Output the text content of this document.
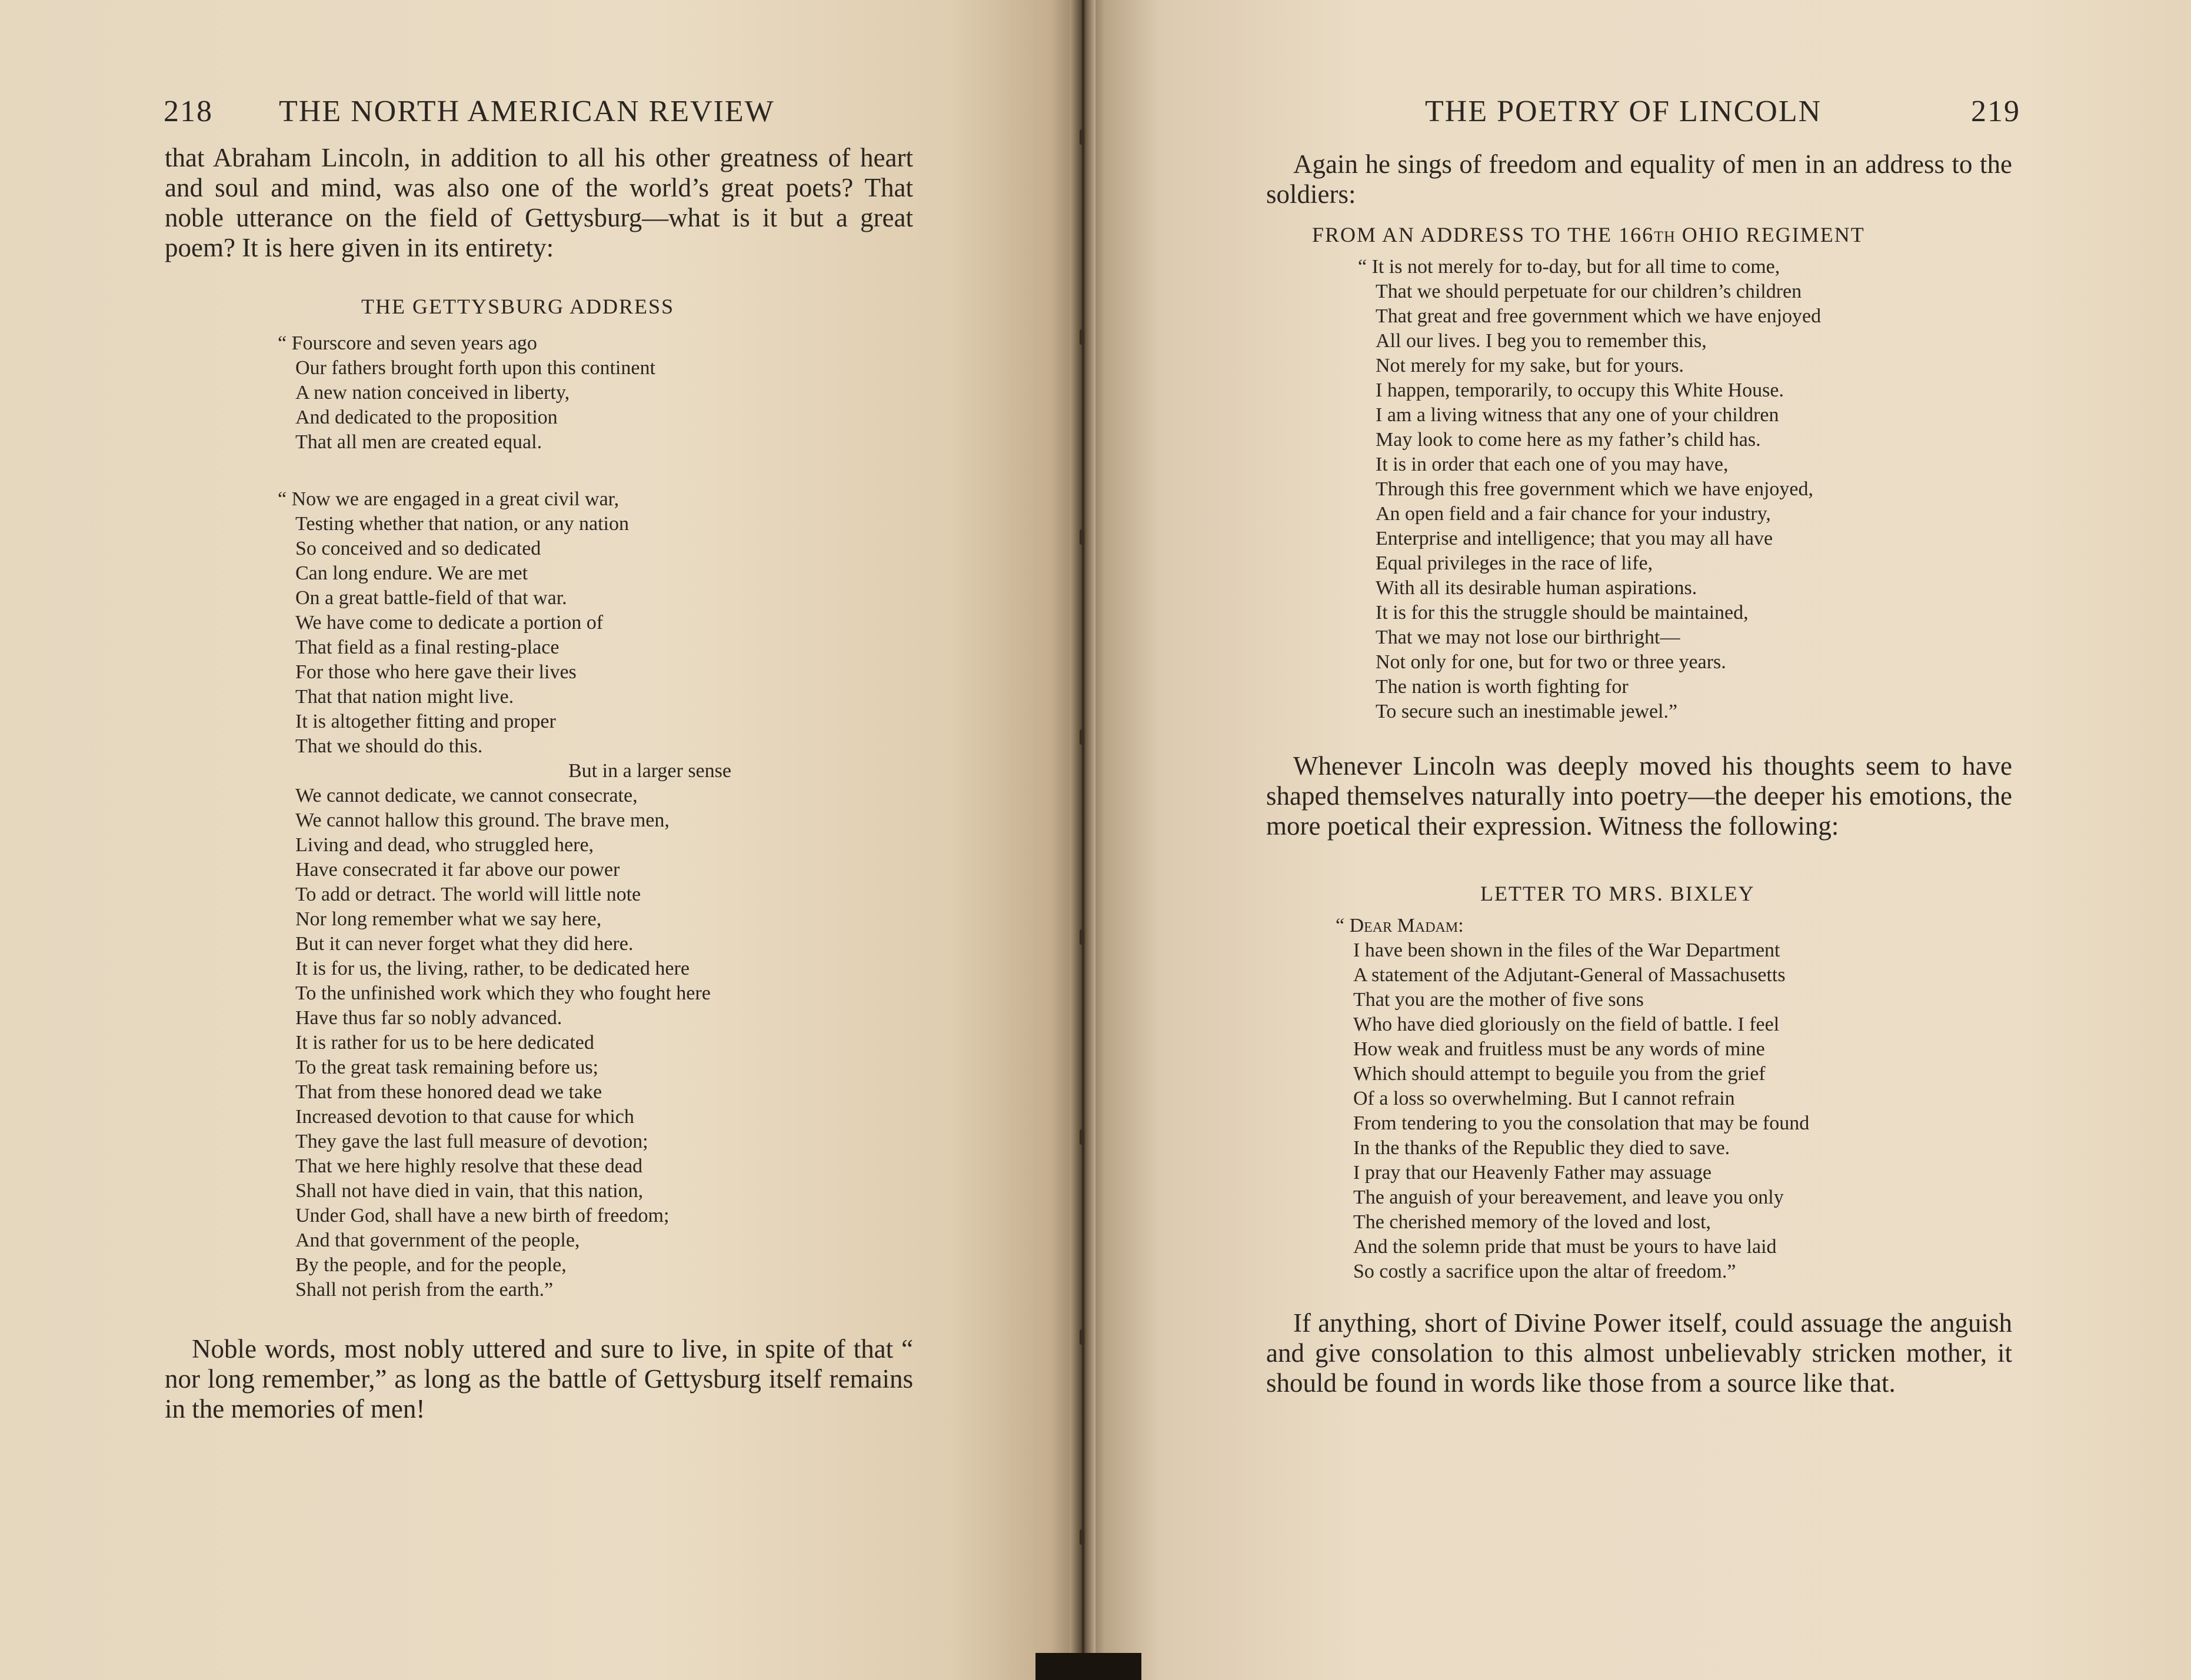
218 THE NORTH AMERICAN REVIEW

that Abraham Lincoln, in addition to all his other greatness of heart and soul and mind, was also one of the world’s great poets? That noble utterance on the field of Gettysburg—what is it but a great poem? It is here given in its entirety:

THE GETTYSBURG ADDRESS
“ Fourscore and seven years ago
Our fathers brought forth upon this continent
A new nation conceived in liberty,
And dedicated to the proposition
That all men are created equal.
“ Now we are engaged in a great civil war,
Testing whether that nation, or any nation
So conceived and so dedicated
Can long endure. We are met
On a great battle-field of that war.
We have come to dedicate a portion of
That field as a final resting-place
For those who here gave their lives
That that nation might live.
It is altogether fitting and proper
That we should do this.
But in a larger sense
We cannot dedicate, we cannot consecrate,
We cannot hallow this ground. The brave men,
Living and dead, who struggled here,
Have consecrated it far above our power
To add or detract. The world will little note
Nor long remember what we say here,
But it can never forget what they did here.
It is for us, the living, rather, to be dedicated here
To the unfinished work which they who fought here
Have thus far so nobly advanced.
It is rather for us to be here dedicated
To the great task remaining before us;
That from these honored dead we take
Increased devotion to that cause for which
They gave the last full measure of devotion;
That we here highly resolve that these dead
Shall not have died in vain, that this nation,
Under God, shall have a new birth of freedom;
And that government of the people,
By the people, and for the people,
Shall not perish from the earth.”

Noble words, most nobly uttered and sure to live, in spite of that “ nor long remember,” as long as the battle of Gettysburg itself remains in the memories of men!

THE POETRY OF LINCOLN	219

Again he sings of freedom and equality of men in an address to the soldiers:

FROM AN ADDRESS TO THE 166TH OHIO REGIMENT
“ It is not merely for to-day, but for all time to come,
That we should perpetuate for our children’s children
That great and free government which we have enjoyed
All our lives. I beg you to remember this,
Not merely for my sake, but for yours.
I happen, temporarily, to occupy this White House.
I am a living witness that any one of your children
May look to come here as my father’s child has.
It is in order that each one of you may have,
Through this free government which we have enjoyed,
An open field and a fair chance for your industry,
Enterprise and intelligence; that you may all have
Equal privileges in the race of life,
With all its desirable human aspirations.
It is for this the struggle should be maintained,
That we may not lose our birthright—
Not only for one, but for two or three years.
The nation is worth fighting for
To secure such an inestimable jewel.”

Whenever Lincoln was deeply moved his thoughts seem to have shaped themselves naturally into poetry—the deeper his emotions, the more poetical their expression. Witness the following:

LETTER TO MRS. BIXLEY
“ Dear Madam:
I have been shown in the files of the War Department
A statement of the Adjutant-General of Massachusetts
That you are the mother of five sons
Who have died gloriously on the field of battle. I feel
How weak and fruitless must be any words of mine
Which should attempt to beguile you from the grief
Of a loss so overwhelming. But I cannot refrain
From tendering to you the consolation that may be found
In the thanks of the Republic they died to save.
I pray that our Heavenly Father may assuage
The anguish of your bereavement, and leave you only
The cherished memory of the loved and lost,
And the solemn pride that must be yours to have laid
So costly a sacrifice upon the altar of freedom.”

If anything, short of Divine Power itself, could assuage the anguish and give consolation to this almost unbelievably stricken mother, it should be found in words like those from a source like that.
